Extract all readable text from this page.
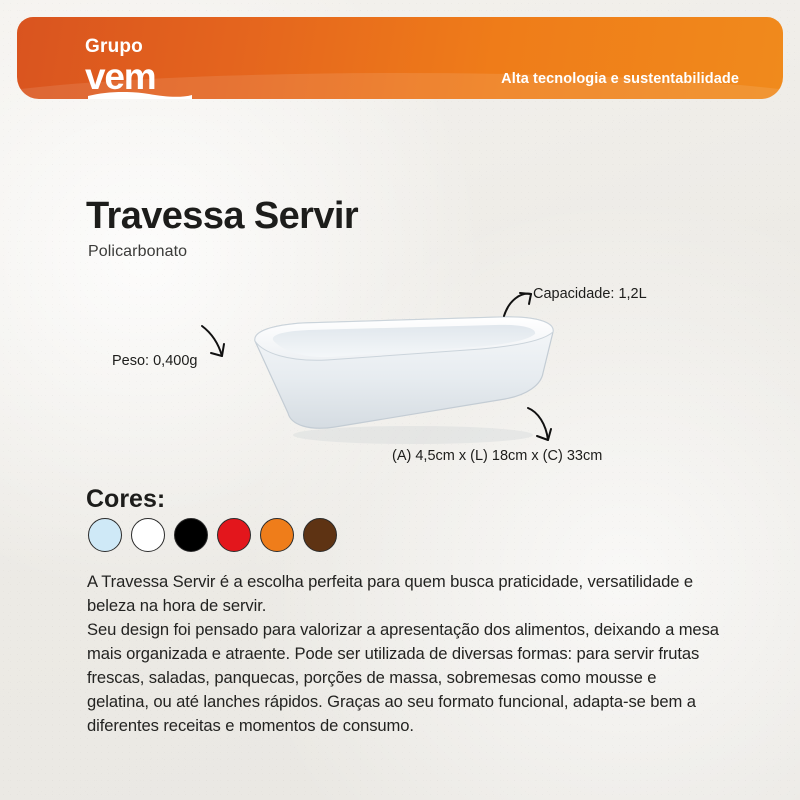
Grupo
vem	Alta tecnologia e sustentabilidade
Travessa Servir
Policarbonato
Capacidade: 1,2L
Peso: 0,400g
(A) 4,5cm x (L) 18cm x (C) 33cm
Cores:

A Travessa Servir é a escolha perfeita para quem busca praticidade, versatilidade e beleza na hora de servir.

Seu design foi pensado para valorizar a apresentação dos alimentos, deixando a mesa mais organizada e atraente. Pode ser utilizada de diversas formas: para servir frutas frescas, saladas, panquecas, porções de massa, sobremesas como mousse e gelatina, ou até lanches rápidos. Graças ao seu formato funcional, adapta-se bem a diferentes receitas e momentos de consumo.
